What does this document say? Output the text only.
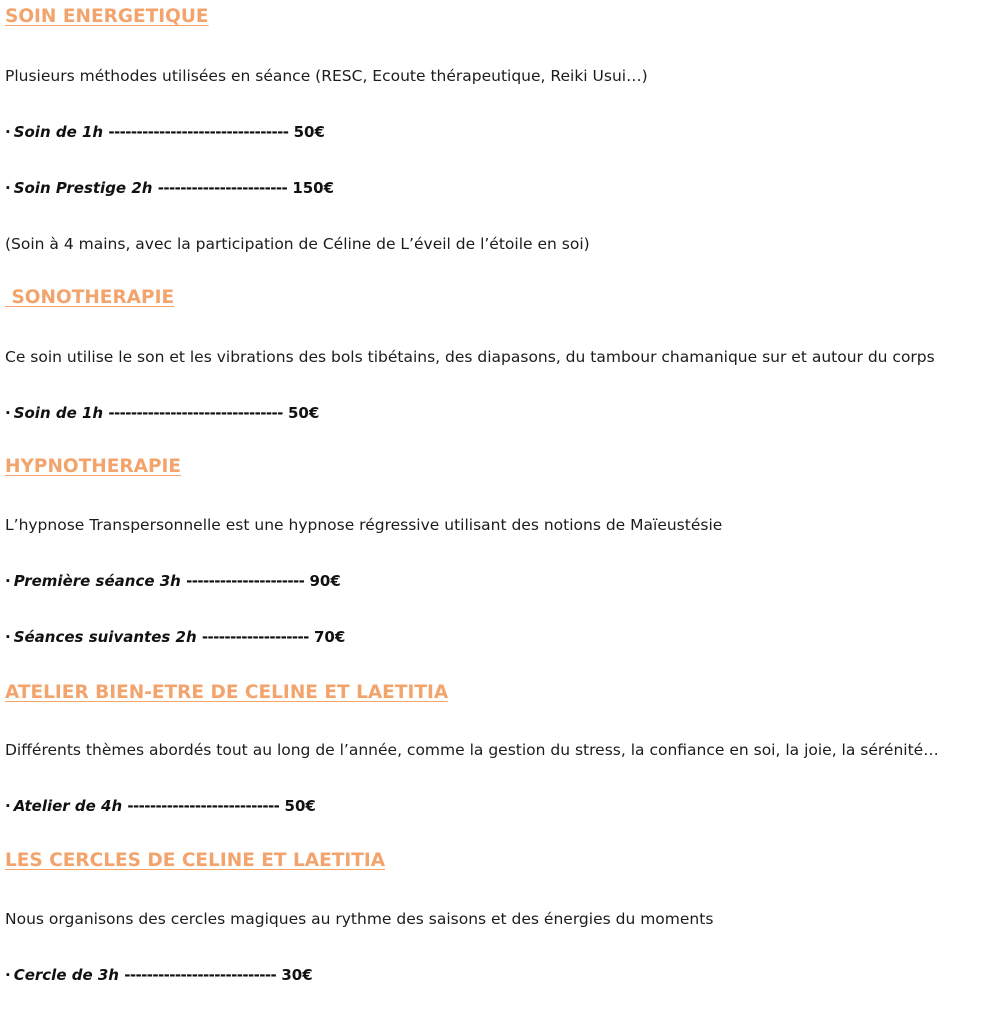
SOIN ENERGETIQUE

Plusieurs méthodes utilisées en séance (RESC, Ecoute thérapeutique, Reiki Usui…)

· Soin de 1h -------------------------------- 50€

· Soin Prestige 2h ----------------------- 150€

(Soin à 4 mains, avec la participation de Céline de L’éveil de l’étoile en soi)

SONOTHERAPIE

Ce soin utilise le son et les vibrations des bols tibétains, des diapasons, du tambour chamanique sur et autour du corps

· Soin de 1h ------------------------------- 50€

HYPNOTHERAPIE

L’hypnose Transpersonnelle est une hypnose régressive utilisant des notions de Maïeustésie

· Première séance 3h --------------------- 90€

· Séances suivantes 2h ------------------- 70€

ATELIER BIEN-ETRE DE CELINE ET LAETITIA

Différents thèmes abordés tout au long de l’année, comme la gestion du stress, la confiance en soi, la joie, la sérénité…

· Atelier de 4h --------------------------- 50€

LES CERCLES DE CELINE ET LAETITIA

Nous organisons des cercles magiques au rythme des saisons et des énergies du moments

· Cercle de 3h --------------------------- 30€
